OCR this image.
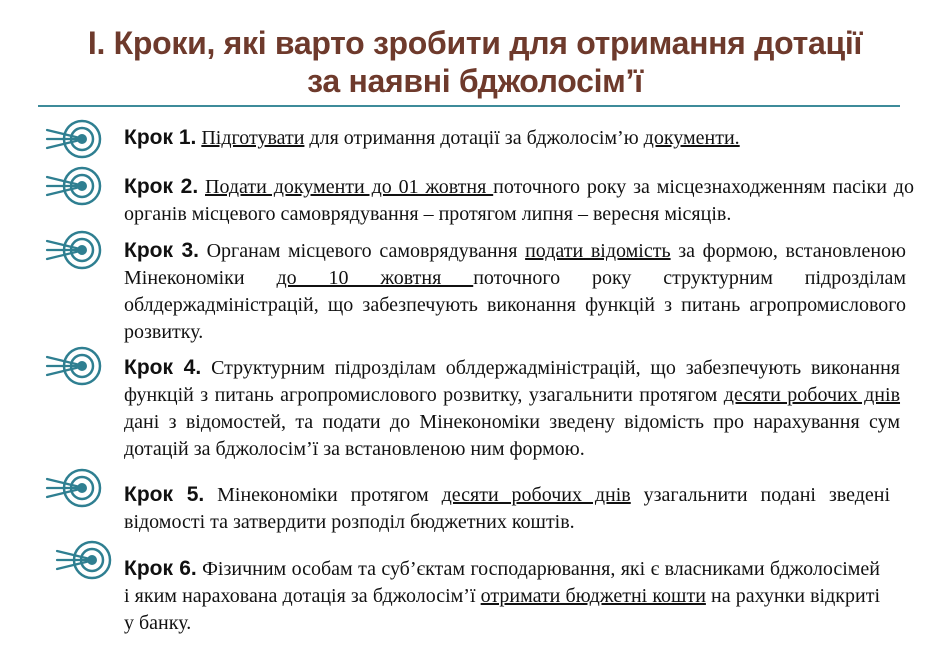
I. Кроки, які варто зробити для отримання дотації
за наявні бджолосім’ї
Крок 1. Підготувати для отримання дотації за бджолосім’ю документи.
Крок 2. Подати документи до 01 жовтня поточного року за місцезнаходженням пасіки до органів місцевого самоврядування – протягом липня – вересня місяців.
Крок 3. Органам місцевого самоврядування подати відомість за формою, встановленою Мінекономіки до 10 жовтня поточного року структурним підрозділам облдержадміністрацій, що забезпечують виконання функцій з питань агропромислового розвитку.
Крок 4. Структурним підрозділам облдержадміністрацій, що забезпечують виконання функцій з питань агропромислового розвитку, узагальнити протягом десяти робочих днів дані з відомостей, та подати до Мінекономіки зведену відомість про нарахування сум дотацій за бджолосім’ї за встановленою ним формою.
Крок 5. Мінекономіки протягом десяти робочих днів узагальнити подані зведені відомості та затвердити розподіл бюджетних коштів.
Крок 6. Фізичним особам та суб’єктам господарювання, які є власниками бджолосімей і яким нарахована дотація за бджолосім’ї отримати бюджетні кошти на рахунки відкриті у банку.
